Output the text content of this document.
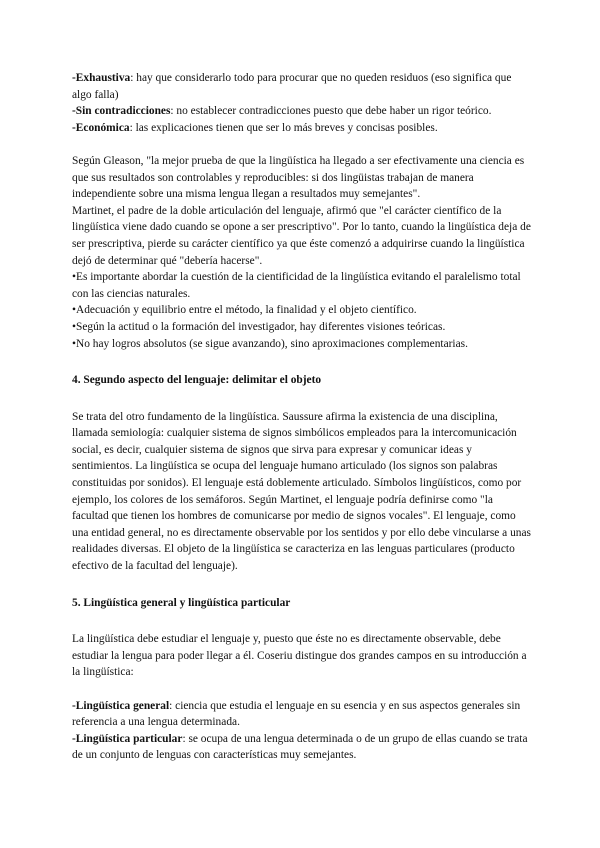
-Exhaustiva: hay que considerarlo todo para procurar que no queden residuos (eso significa que algo falla)

-Sin contradicciones: no establecer contradicciones puesto que debe haber un rigor teórico.

-Económica: las explicaciones tienen que ser lo más breves y concisas posibles.

Según Gleason, "la mejor prueba de que la lingüística ha llegado a ser efectivamente una ciencia es que sus resultados son controlables y reproducibles: si dos lingüistas trabajan de manera independiente sobre una misma lengua llegan a resultados muy semejantes".

Martinet, el padre de la doble articulación del lenguaje, afirmó que "el carácter científico de la lingüística viene dado cuando se opone a ser prescriptivo". Por lo tanto, cuando la lingüística deja de ser prescriptiva, pierde su carácter científico ya que éste comenzó a adquirirse cuando la lingüística dejó de determinar qué "debería hacerse".

•Es importante abordar la cuestión de la cientificidad de la lingüística evitando el paralelismo total con las ciencias naturales.

•Adecuación y equilibrio entre el método, la finalidad y el objeto científico.

•Según la actitud o la formación del investigador, hay diferentes visiones teóricas.

•No hay logros absolutos (se sigue avanzando), sino aproximaciones complementarias.

4. Segundo aspecto del lenguaje: delimitar el objeto

Se trata del otro fundamento de la lingüística. Saussure afirma la existencia de una disciplina, llamada semiología: cualquier sistema de signos simbólicos empleados para la intercomunicación social, es decir, cualquier sistema de signos que sirva para expresar y comunicar ideas y sentimientos. La lingüística se ocupa del lenguaje humano articulado (los signos son palabras constituidas por sonidos). El lenguaje está doblemente articulado. Símbolos lingüísticos, como por ejemplo, los colores de los semáforos. Según Martinet, el lenguaje podría definirse como "la facultad que tienen los hombres de comunicarse por medio de signos vocales". El lenguaje, como una entidad general, no es directamente observable por los sentidos y por ello debe vincularse a unas realidades diversas. El objeto de la lingüística se caracteriza en las lenguas particulares (producto efectivo de la facultad del lenguaje).

5. Lingüística general y lingüística particular

La lingüística debe estudiar el lenguaje y, puesto que éste no es directamente observable, debe estudiar la lengua para poder llegar a él. Coseriu distingue dos grandes campos en su introducción a la lingüística:

-Lingüística general: ciencia que estudia el lenguaje en su esencia y en sus aspectos generales sin referencia a una lengua determinada.

-Lingüística particular: se ocupa de una lengua determinada o de un grupo de ellas cuando se trata de un conjunto de lenguas con características muy semejantes.
